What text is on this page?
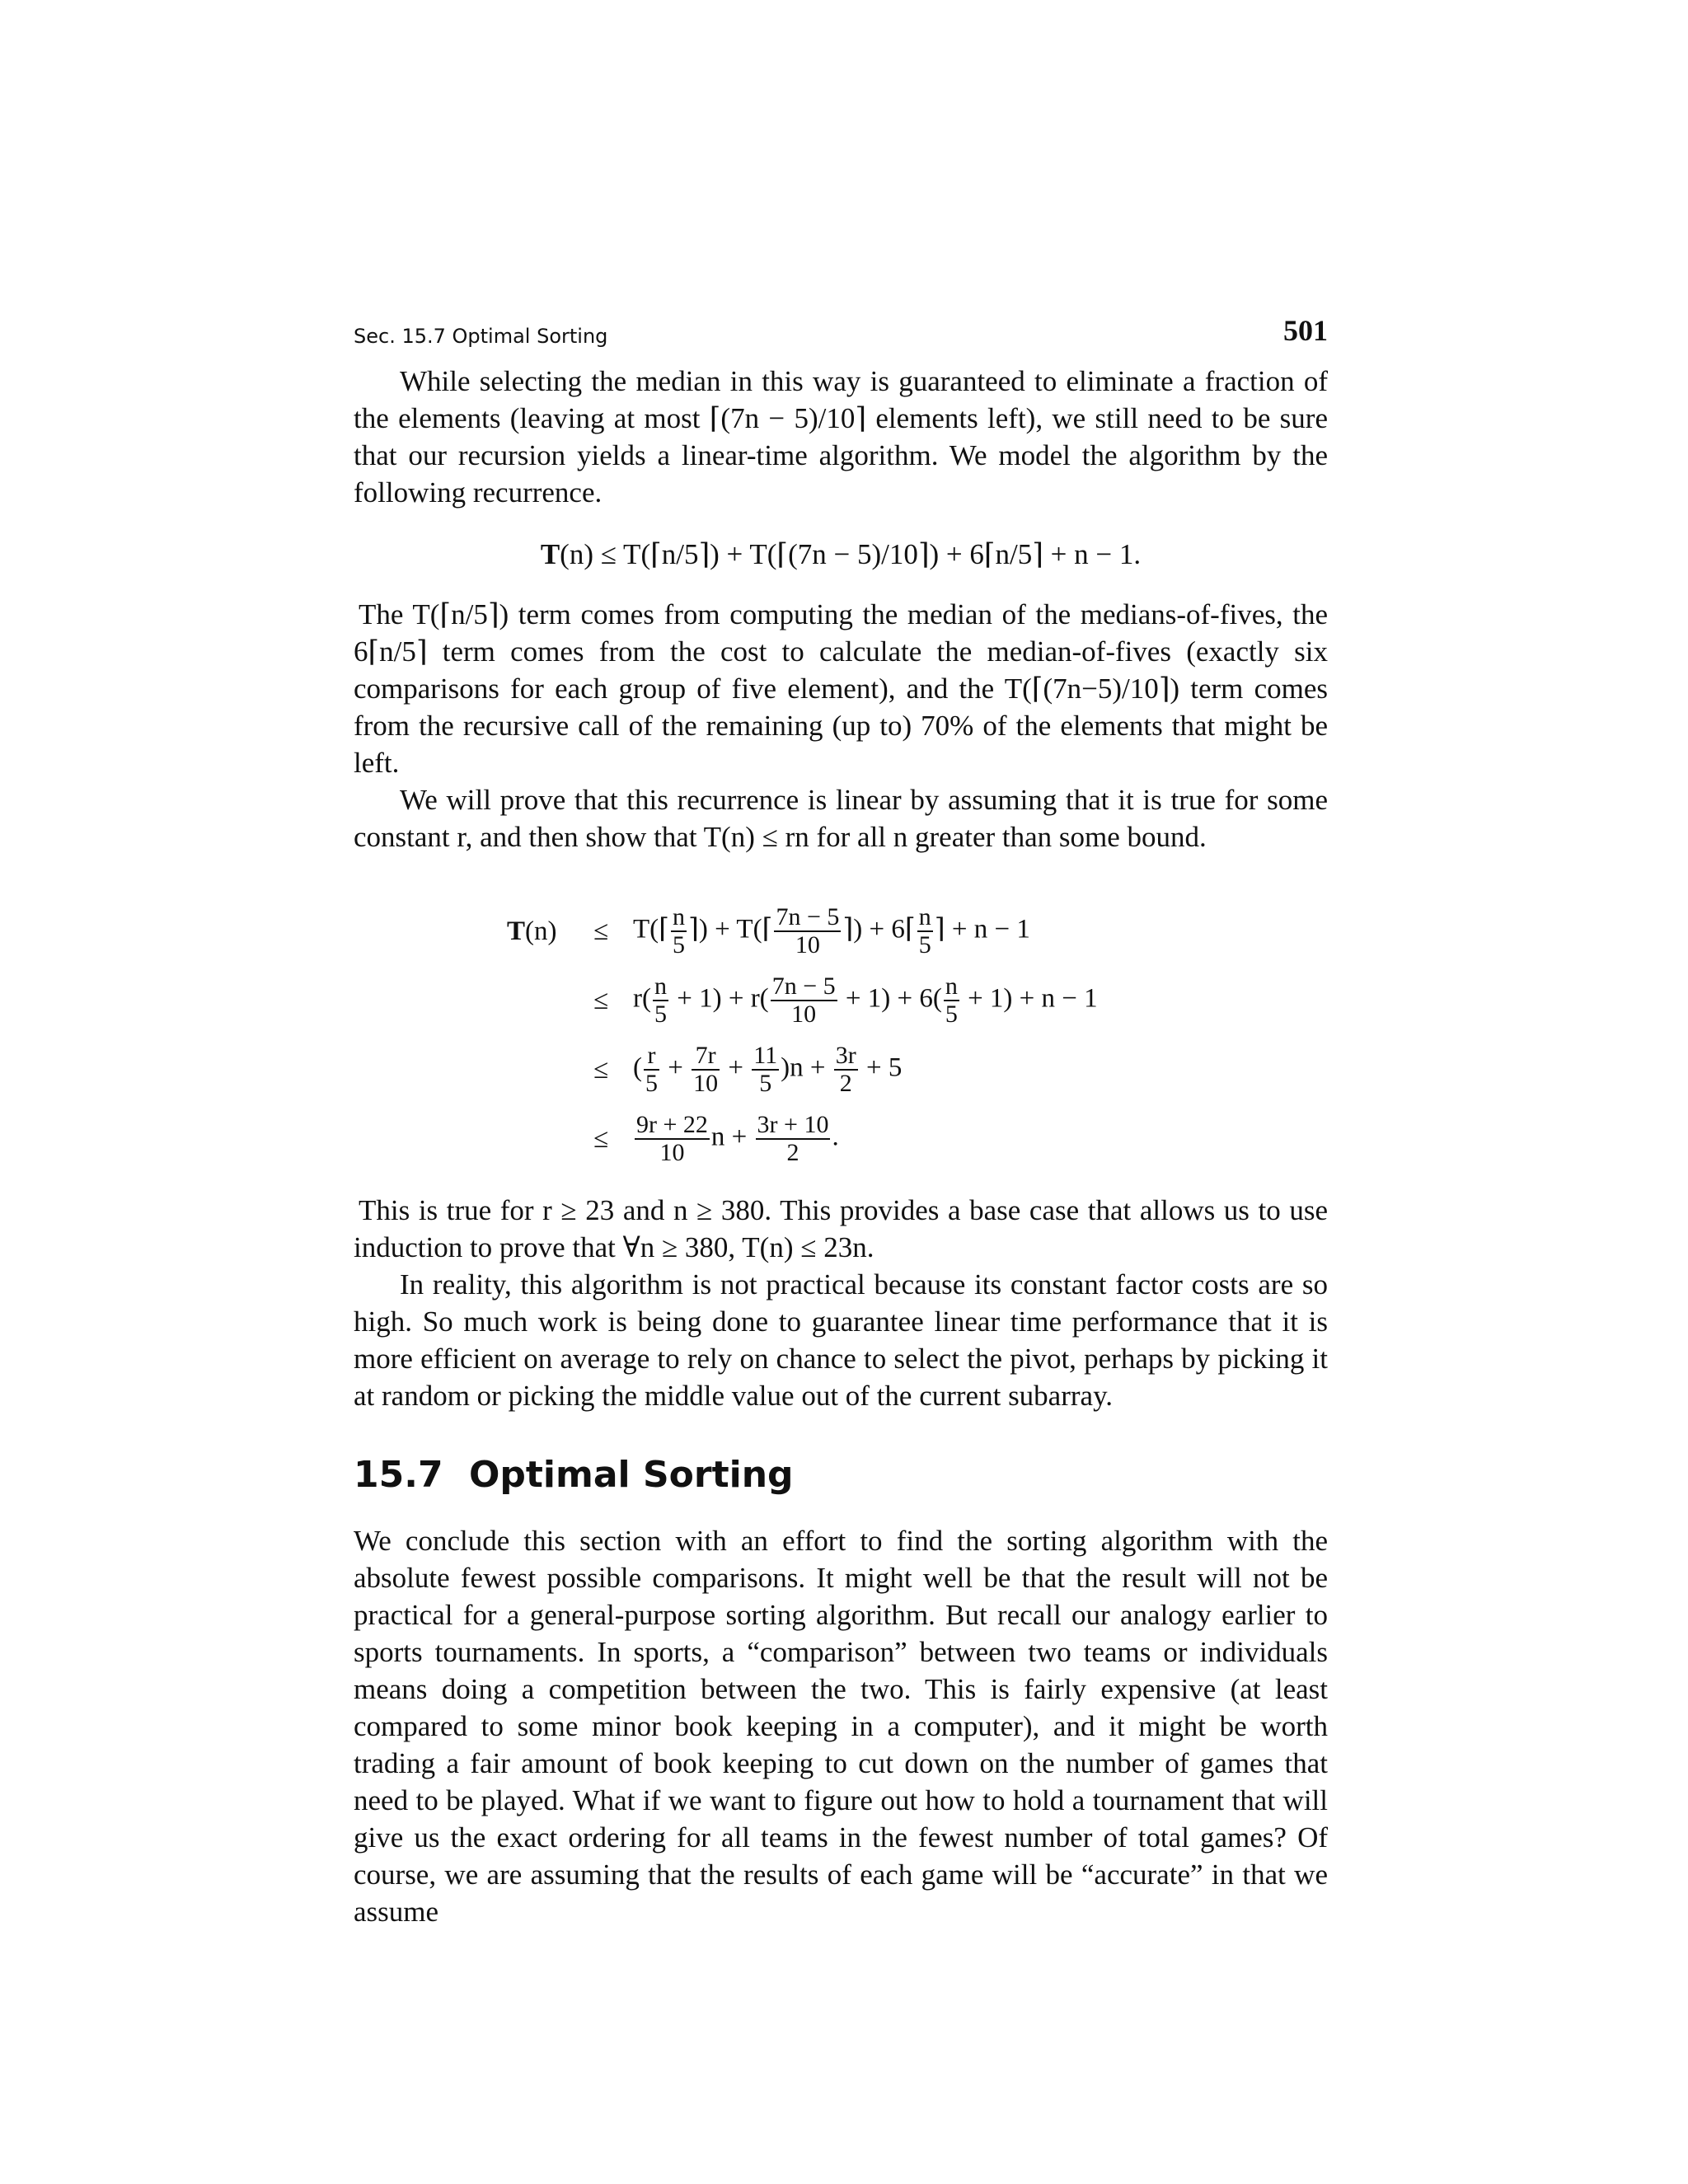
Sec. 15.7 Optimal Sorting	501

While selecting the median in this way is guaranteed to eliminate a fraction of the elements (leaving at most ⌈(7n − 5)/10⌉ elements left), we still need to be sure that our recursion yields a linear-time algorithm. We model the algorithm by the following recurrence.

T(n) ≤ T(⌈n/5⌉) + T(⌈(7n − 5)/10⌉) + 6⌈n/5⌉ + n − 1.

The T(⌈n/5⌉) term comes from computing the median of the medians-of-fives, the 6⌈n/5⌉ term comes from the cost to calculate the median-of-fives (exactly six comparisons for each group of five element), and the T(⌈(7n−5)/10⌉) term comes from the recursive call of the remaining (up to) 70% of the elements that might be left.

We will prove that this recurrence is linear by assuming that it is true for some constant r, and then show that T(n) ≤ rn for all n greater than some bound.

T(n)	≤ T(⌈ $\frac{n}{5}$ ⌉) + T(⌈ $\frac{7n - 5}{10}$ ⌉) + 6⌈ $\frac{n}{5}$ ⌉ + n − 1
≤ $r( \frac{n}{5} + 1) + r( \frac{7n - 5}{10} + 1) + 6( \frac{n}{5} + 1) + n - 1$
≤ ( $\frac{r}{5} + \frac{7r}{10} + \frac{11}{5} )n + \frac{3r}{2} + 5$
≤	$\frac{9r + 22}{10}$ $n + \frac{3r + 10}{2}$ .

This is true for r ≥ 23 and n ≥ 380. This provides a base case that allows us to use induction to prove that ∀n ≥ 380, T(n) ≤ 23n.

In reality, this algorithm is not practical because its constant factor costs are so high. So much work is being done to guarantee linear time performance that it is more efficient on average to rely on chance to select the pivot, perhaps by picking it at random or picking the middle value out of the current subarray.

15.7 Optimal Sorting

We conclude this section with an effort to find the sorting algorithm with the absolute fewest possible comparisons. It might well be that the result will not be practical for a general-purpose sorting algorithm. But recall our analogy earlier to sports tournaments. In sports, a “comparison” between two teams or individuals means doing a competition between the two. This is fairly expensive (at least compared to some minor book keeping in a computer), and it might be worth trading a fair amount of book keeping to cut down on the number of games that need to be played. What if we want to figure out how to hold a tournament that will give us the exact ordering for all teams in the fewest number of total games? Of course, we are assuming that the results of each game will be “accurate” in that we assume
